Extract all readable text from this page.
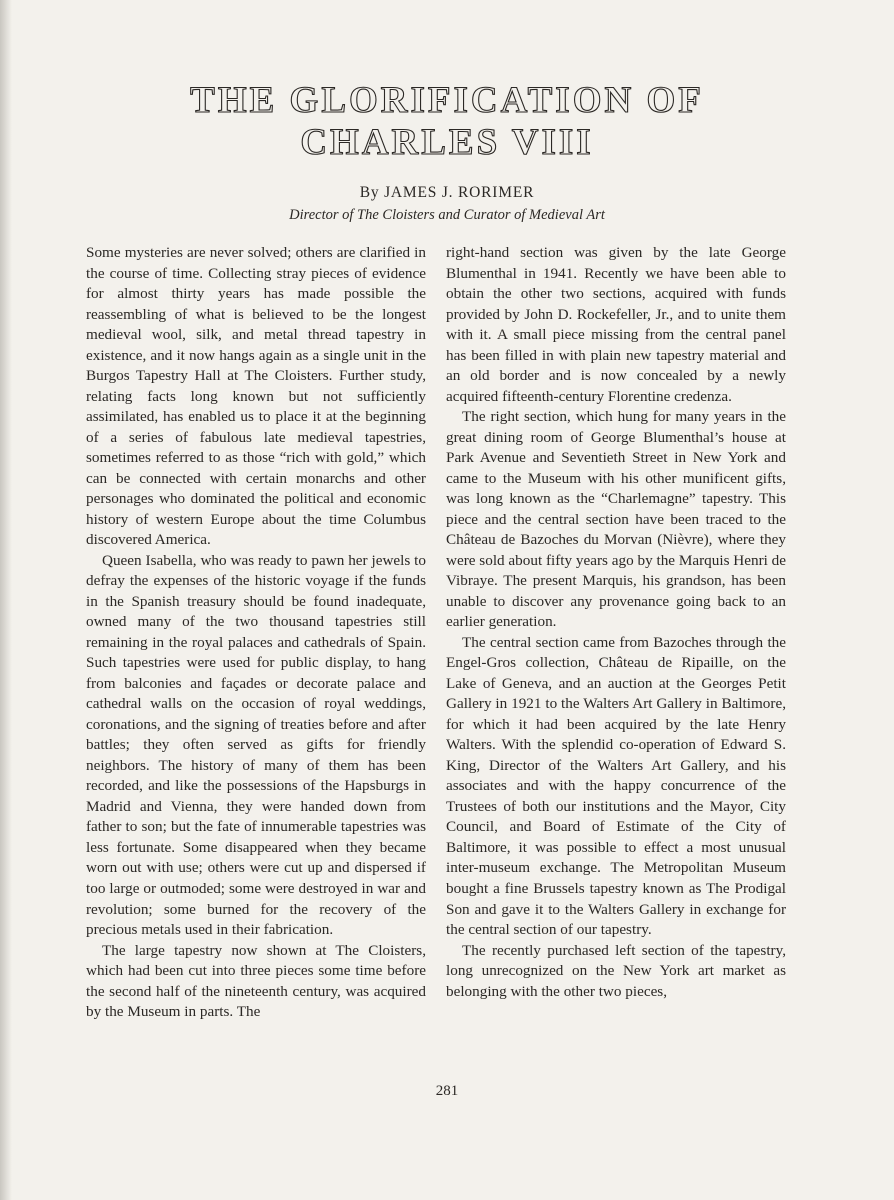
THE GLORIFICATION OF
CHARLES VIII
By JAMES J. RORIMER
Director of The Cloisters and Curator of Medieval Art

Some mysteries are never solved; others are clarified in the course of time. Collecting stray pieces of evidence for almost thirty years has made possible the reassembling of what is believed to be the longest medieval wool, silk, and metal thread tapestry in existence, and it now hangs again as a single unit in the Burgos Tapestry Hall at The Cloisters. Further study, relating facts long known but not sufficiently assimilated, has enabled us to place it at the beginning of a series of fabulous late medieval tapestries, sometimes referred to as those “rich with gold,” which can be connected with certain monarchs and other personages who dominated the political and economic history of western Europe about the time Columbus discovered America.

Queen Isabella, who was ready to pawn her jewels to defray the expenses of the historic voyage if the funds in the Spanish treasury should be found inadequate, owned many of the two thousand tapestries still remaining in the royal palaces and cathedrals of Spain. Such tapestries were used for public display, to hang from balconies and façades or decorate palace and cathedral walls on the occasion of royal weddings, coronations, and the signing of treaties before and after battles; they often served as gifts for friendly neighbors. The history of many of them has been recorded, and like the possessions of the Hapsburgs in Madrid and Vienna, they were handed down from father to son; but the fate of innumerable tapestries was less fortunate. Some disappeared when they became worn out with use; others were cut up and dispersed if too large or outmoded; some were destroyed in war and revolution; some burned for the recovery of the precious metals used in their fabrication.

The large tapestry now shown at The Cloisters, which had been cut into three pieces some time before the second half of the nineteenth century, was acquired by the Museum in parts. The

right-hand section was given by the late George Blumenthal in 1941. Recently we have been able to obtain the other two sections, acquired with funds provided by John D. Rockefeller, Jr., and to unite them with it. A small piece missing from the central panel has been filled in with plain new tapestry material and an old border and is now concealed by a newly acquired fifteenth-century Florentine credenza.

The right section, which hung for many years in the great dining room of George Blumenthal’s house at Park Avenue and Seventieth Street in New York and came to the Museum with his other munificent gifts, was long known as the “Charlemagne” tapestry. This piece and the central section have been traced to the Château de Bazoches du Morvan (Nièvre), where they were sold about fifty years ago by the Marquis Henri de Vibraye. The present Marquis, his grandson, has been unable to discover any provenance going back to an earlier generation.

The central section came from Bazoches through the Engel-Gros collection, Château de Ripaille, on the Lake of Geneva, and an auction at the Georges Petit Gallery in 1921 to the Walters Art Gallery in Baltimore, for which it had been acquired by the late Henry Walters. With the splendid co-operation of Edward S. King, Director of the Walters Art Gallery, and his associates and with the happy concurrence of the Trustees of both our institutions and the Mayor, City Council, and Board of Estimate of the City of Baltimore, it was possible to effect a most unusual inter-museum exchange. The Metropolitan Museum bought a fine Brussels tapestry known as The Prodigal Son and gave it to the Walters Gallery in exchange for the central section of our tapestry.

The recently purchased left section of the tapestry, long unrecognized on the New York art market as belonging with the other two pieces,

281
